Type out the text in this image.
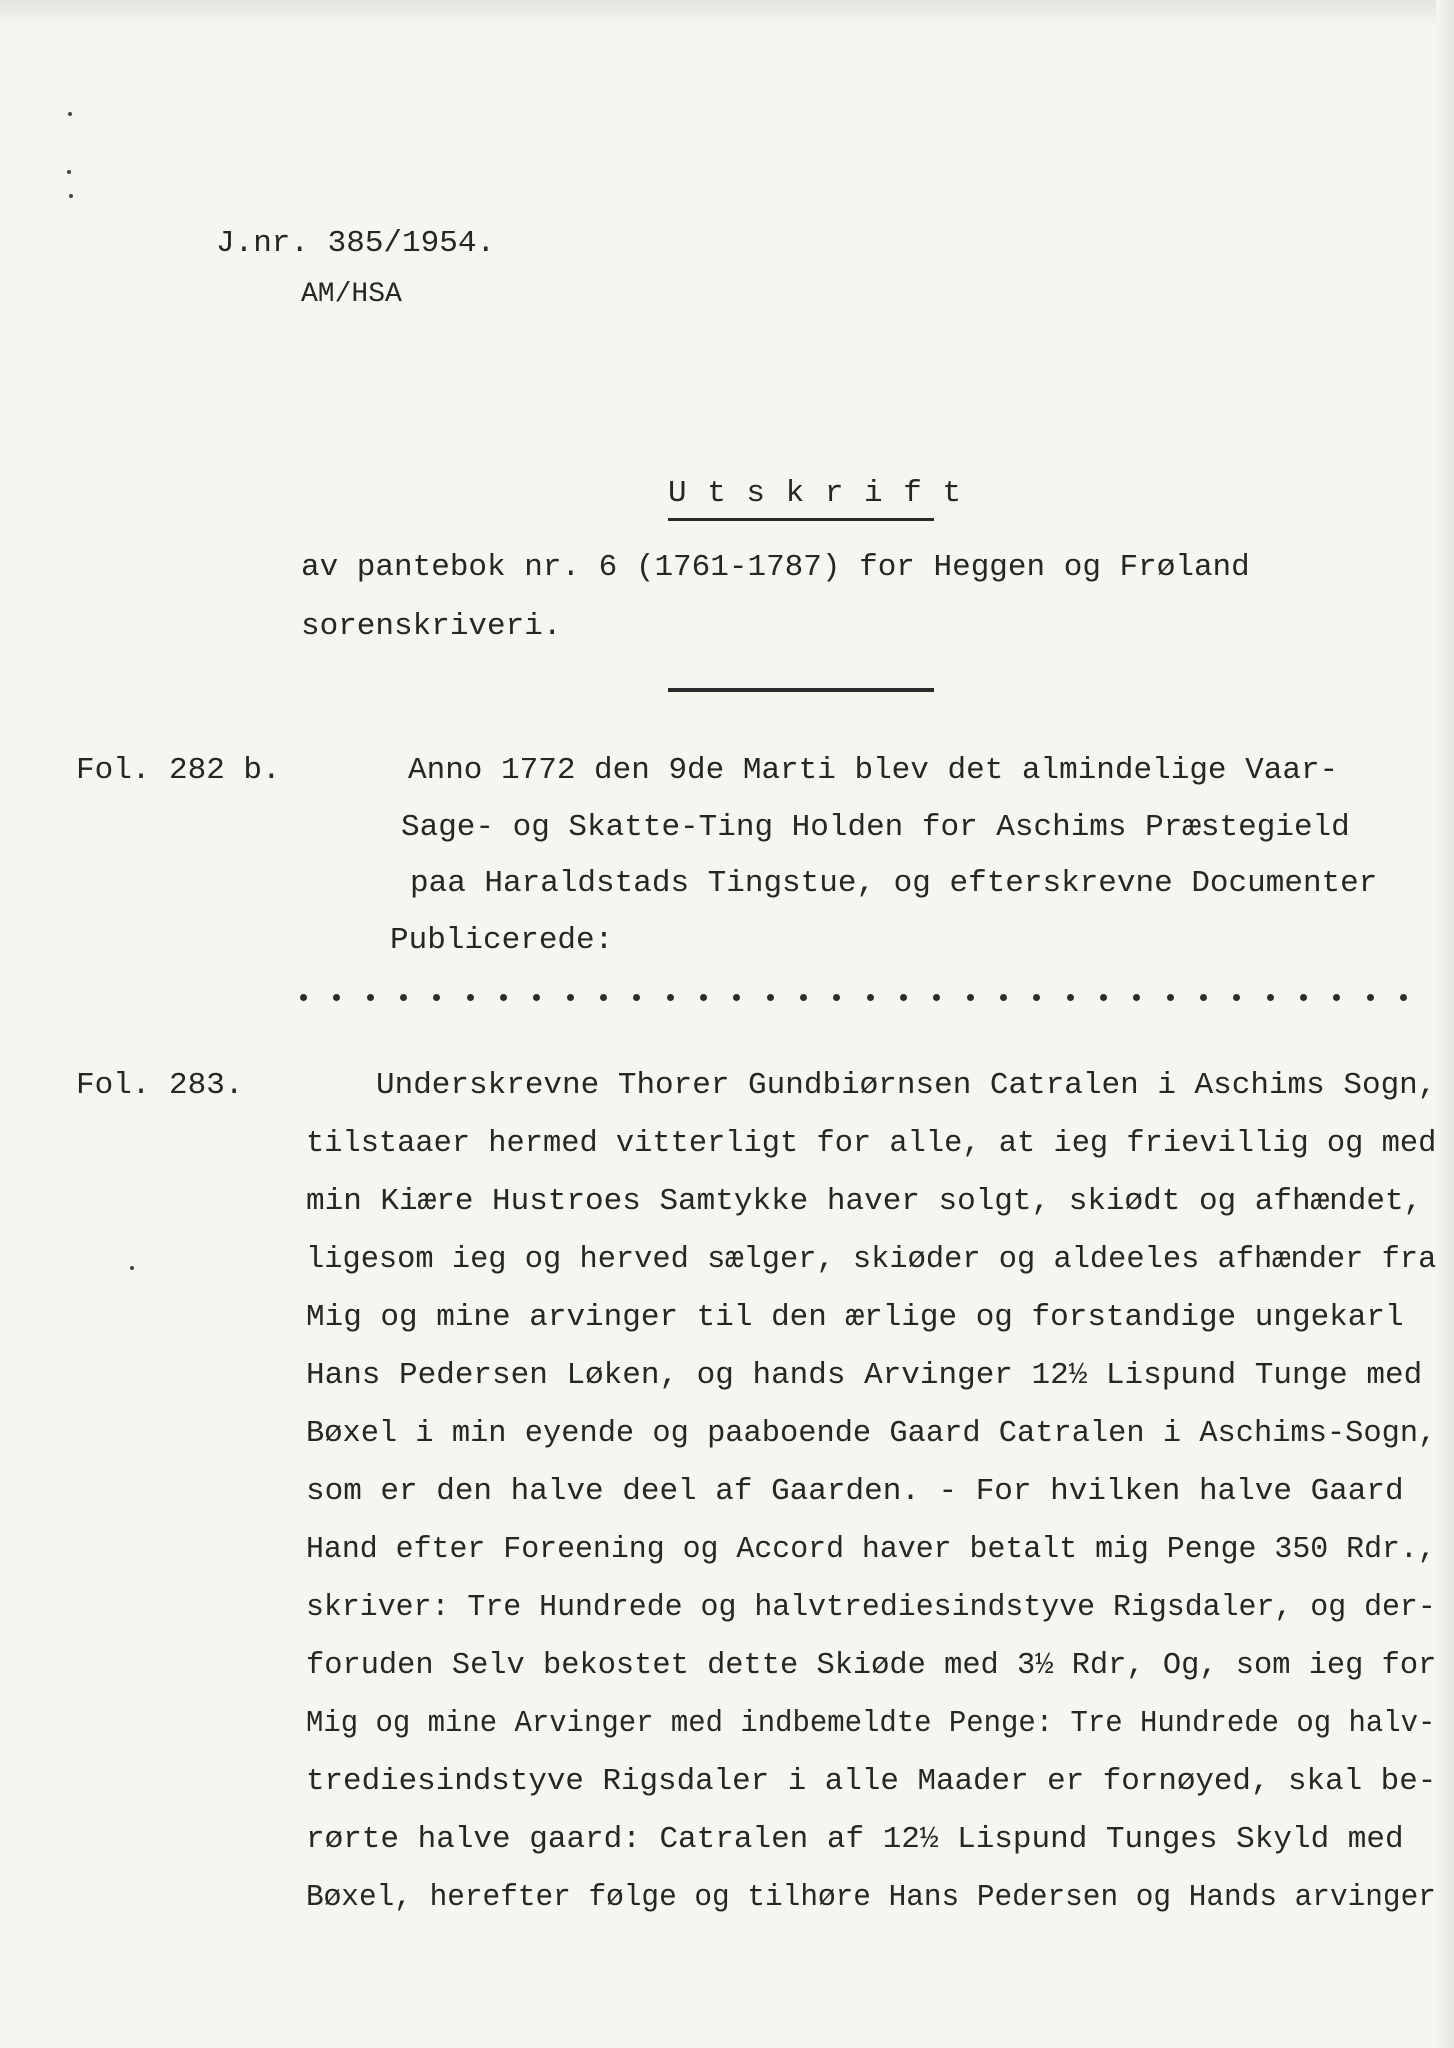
J.nr. 385/1954.
AM/HSA
U t s k r i f t
av pantebok nr. 6 (1761-1787) for Heggen og Frøland
sorenskriveri.
Fol. 282 b.	Anno 1772 den 9de Marti blev det almindelige Vaar-
Sage- og Skatte-Ting Holden for Aschims Præstegield
paa Haraldstads Tingstue, og efterskrevne Documenter
Publicerede:
Fol. 283.	Underskrevne Thorer Gundbiørnsen Catralen i Aschims Sogn,
tilstaaer hermed vitterligt for alle, at ieg frievillig og med
min Kiære Hustroes Samtykke haver solgt, skiødt og afhændet,
ligesom ieg og herved sælger, skiøder og aldeeles afhænder fra
Mig og mine arvinger til den ærlige og forstandige ungekarl
Hans Pedersen Løken, og hands Arvinger 12½ Lispund Tunge med
Bøxel i min eyende og paaboende Gaard Catralen i Aschims-Sogn,
som er den halve deel af Gaarden. - For hvilken halve Gaard
Hand efter Foreening og Accord haver betalt mig Penge 350 Rdr.,
skriver: Tre Hundrede og halvtrediesindstyve Rigsdaler, og der-
foruden Selv bekostet dette Skiøde med 3½ Rdr, Og, som ieg for
Mig og mine Arvinger med indbemeldte Penge: Tre Hundrede og halv-
trediesindstyve Rigsdaler i alle Maader er fornøyed, skal be-
rørte halve gaard: Catralen af 12½ Lispund Tunges Skyld med
Bøxel, herefter følge og tilhøre Hans Pedersen og Hands arvinger
